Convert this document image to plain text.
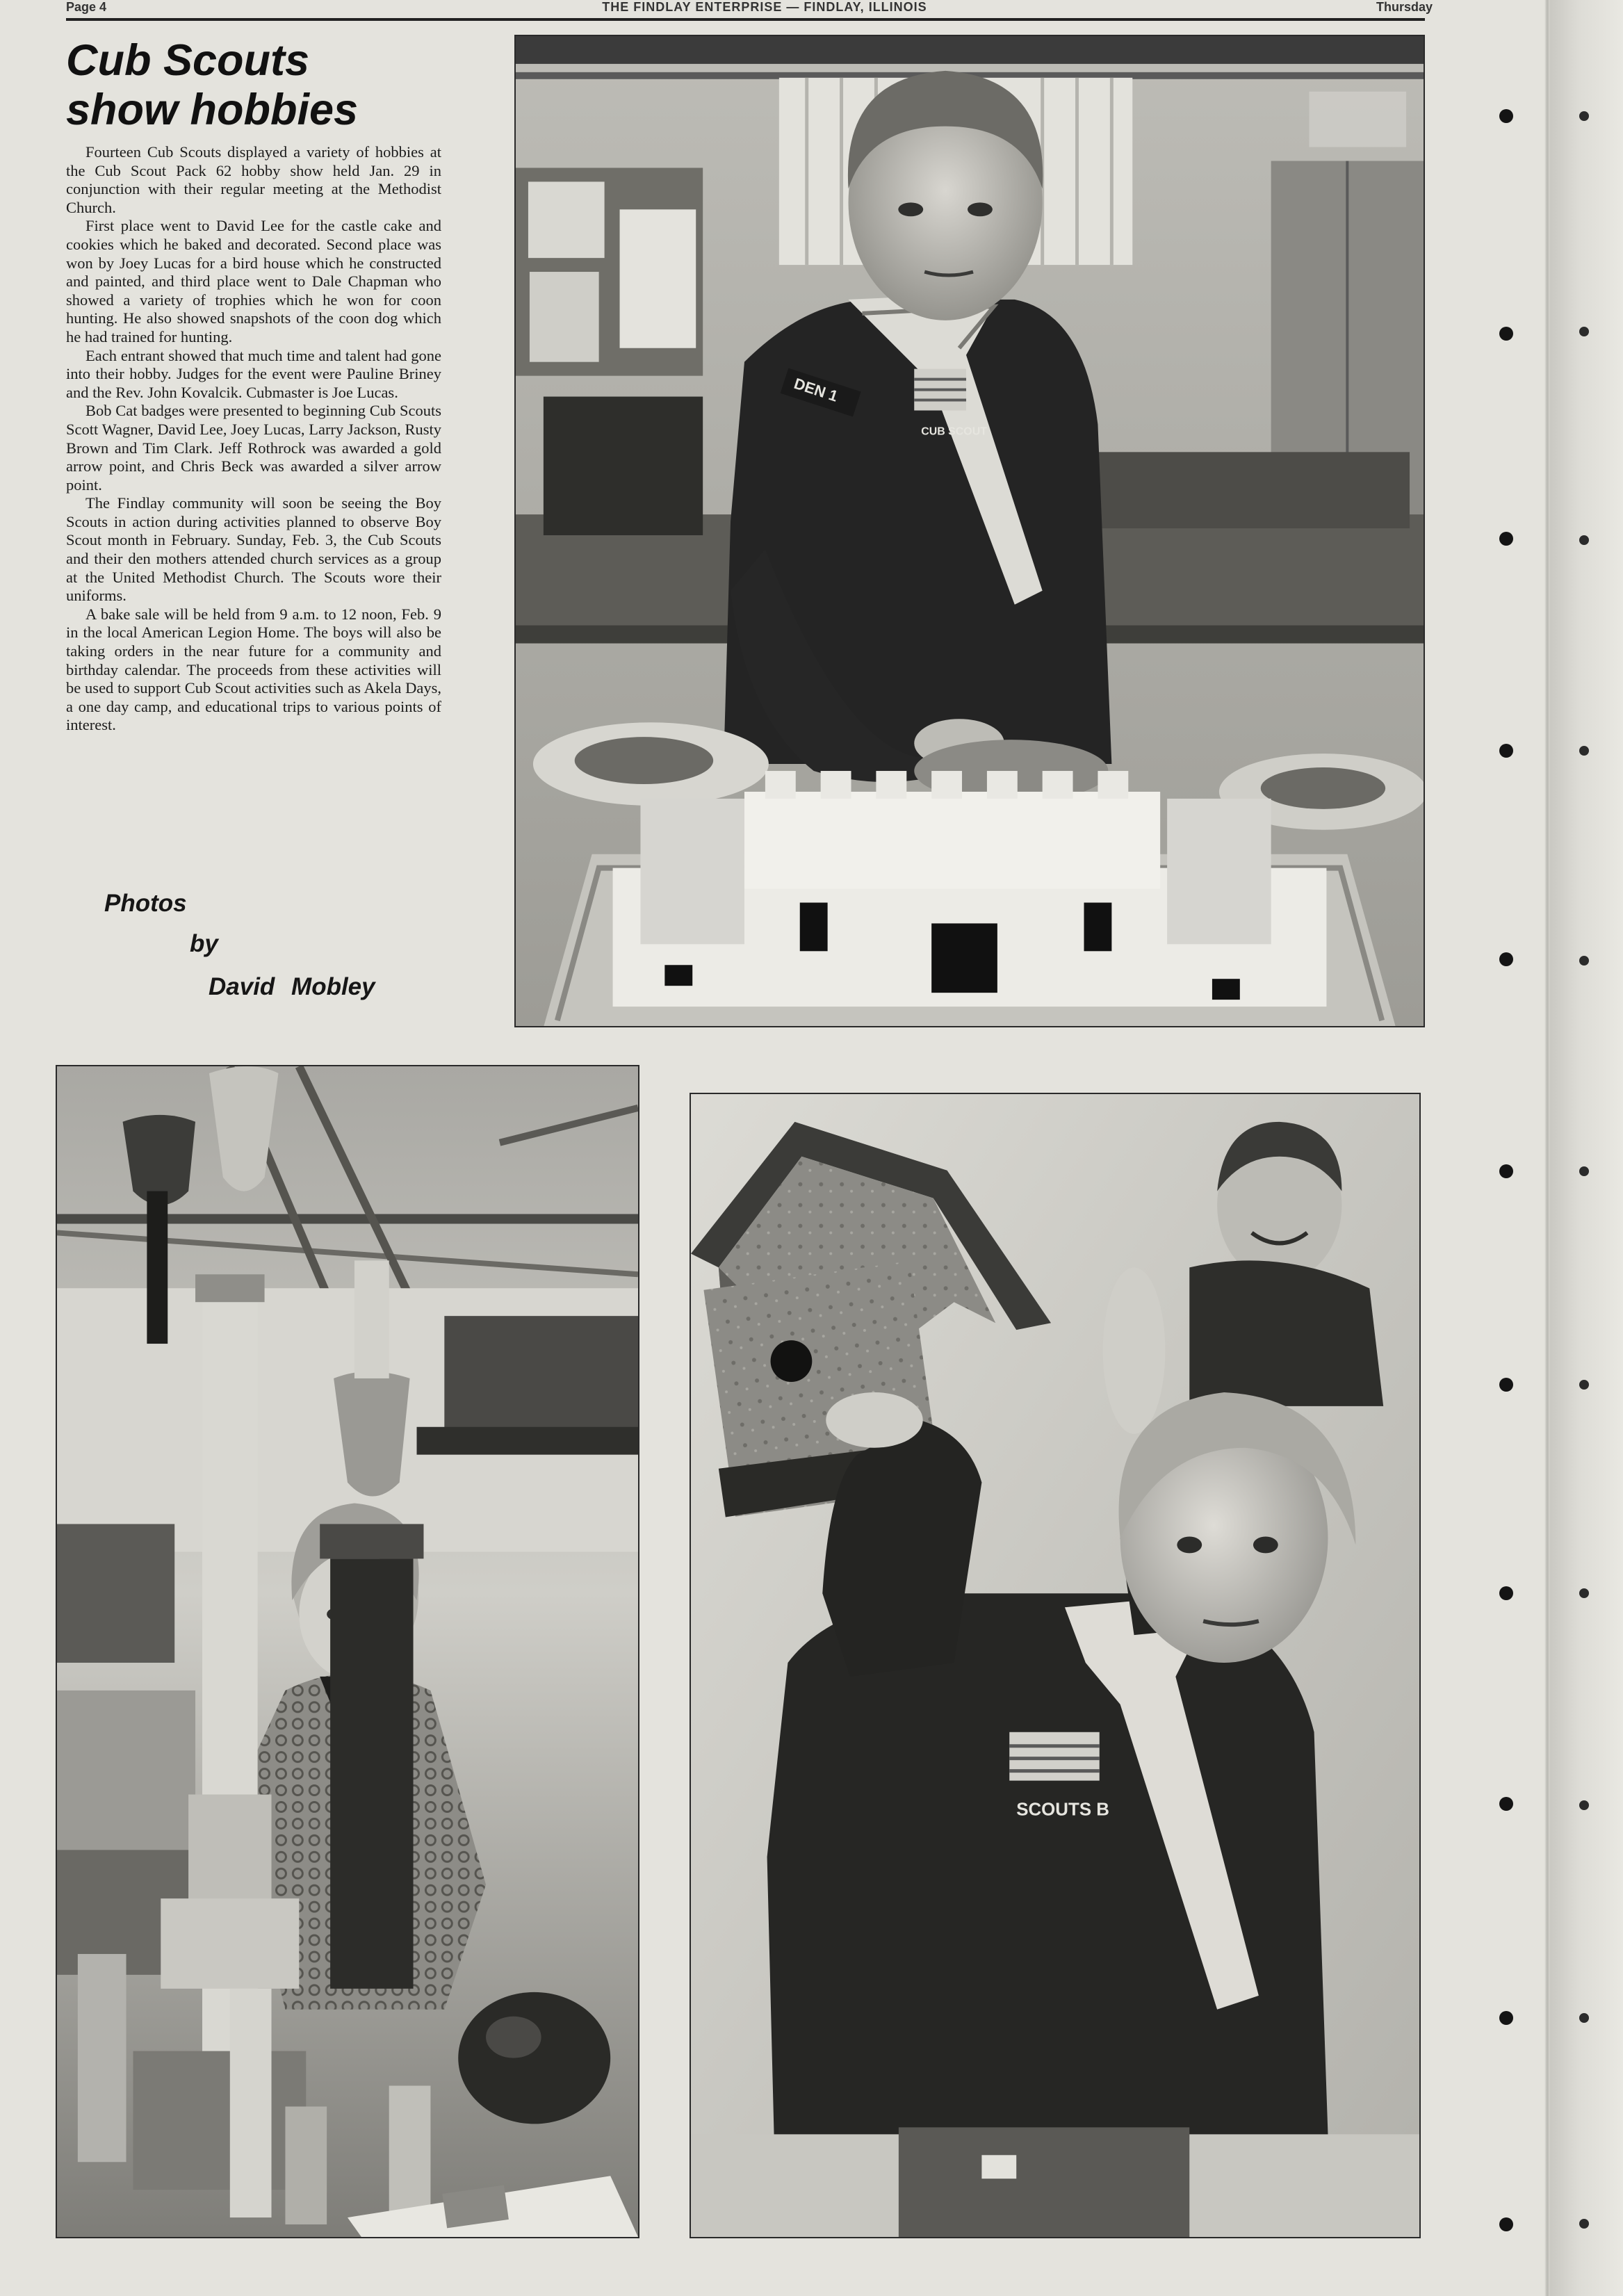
Page 4	THE FINDLAY ENTERPRISE — FINDLAY, ILLINOIS	Thursday
Cub Scouts
show hobbies

Fourteen Cub Scouts displayed a variety of hobbies at the Cub Scout Pack 62 hobby show held Jan. 29 in conjunction with their regular meeting at the Methodist Church.

First place went to David Lee for the castle cake and cookies which he baked and decorated. Second place was won by Joey Lucas for a bird house which he constructed and painted, and third place went to Dale Chapman who showed a variety of trophies which he won for coon hunting. He also showed snapshots of the coon dog which he had trained for hunting.

Each entrant showed that much time and talent had gone into their hobby. Judges for the event were Pauline Briney and the Rev. John Kovalcik. Cubmaster is Joe Lucas.

Bob Cat badges were presented to beginning Cub Scouts Scott Wagner, David Lee, Joey Lucas, Larry Jackson, Rusty Brown and Tim Clark. Jeff Rothrock was awarded a gold arrow point, and Chris Beck was awarded a silver arrow point.

The Findlay community will soon be seeing the Boy Scouts in action during activities planned to observe Boy Scout month in February. Sunday, Feb. 3, the Cub Scouts and their den mothers attended church services as a group at the United Methodist Church. The Scouts wore their uniforms.

A bake sale will be held from 9 a.m. to 12 noon, Feb. 9 in the local American Legion Home. The boys will also be taking orders in the near future for a community and birthday calendar. The proceeds from these activities will be used to support Cub Scout activities such as Akela Days, a one day camp, and educational trips to various points of interest.

Photos
by
David Mobley
DEN 1
CUB SCOUT
SCOUTS B
